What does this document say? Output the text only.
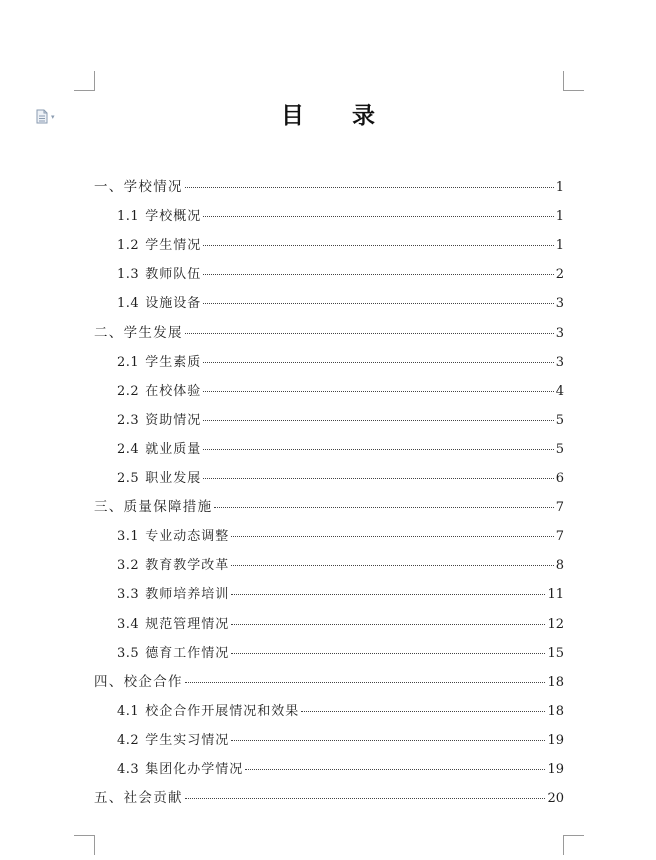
▾	目      录
一、学校情况	1
1.1 学校概况	1
1.2 学生情况	1
1.3 教师队伍	2
1.4 设施设备	3
二、学生发展	3
2.1 学生素质	3
2.2 在校体验	4
2.3 资助情况	5
2.4 就业质量	5
2.5 职业发展	6
三、质量保障措施	7
3.1 专业动态调整	7
3.2 教育教学改革	8
3.3 教师培养培训	11
3.4 规范管理情况	12
3.5 德育工作情况	15
四、校企合作	18
4.1 校企合作开展情况和效果	18
4.2 学生实习情况	19
4.3 集团化办学情况	19
五、社会贡献	20
